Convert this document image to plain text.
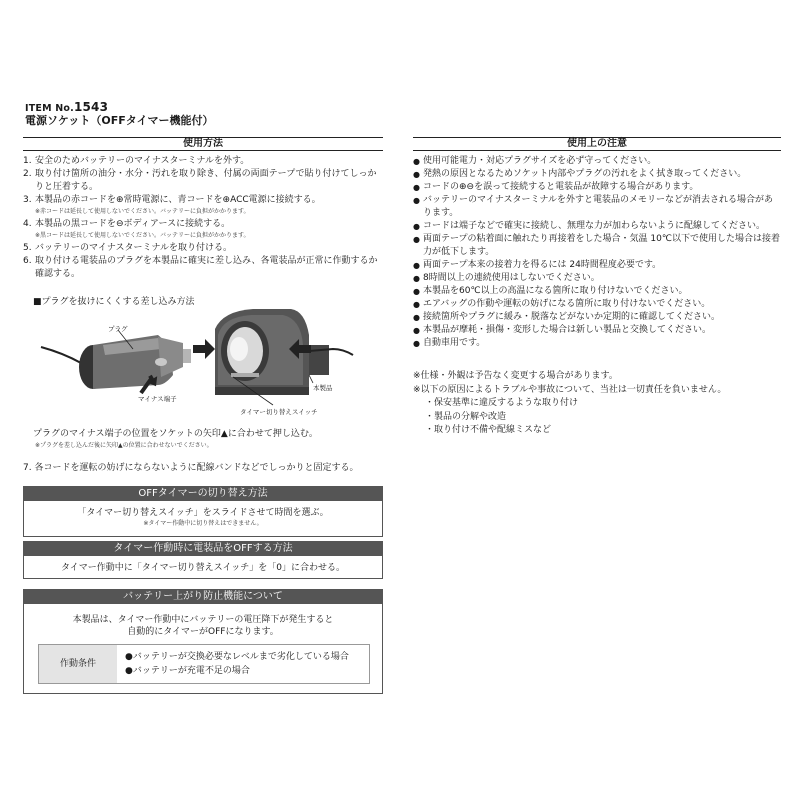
ITEM No.1543
電源ソケット（OFFタイマー機能付）
使用方法
1. 安全のためバッテリーのマイナスターミナルを外す。
2. 取り付け箇所の油分・水分・汚れを取り除き、付属の両面テープで貼り付けてしっかりと圧着する。
3. 本製品の赤コードを⊕常時電源に、青コードを⊕ACC電源に接続する。
※赤コードは延長して使用しないでください。バッテリーに負担がかかります。
4. 本製品の黒コードを⊖ボディアースに接続する。
※黒コードは延長して使用しないでください。バッテリーに負担がかかります。
5. バッテリーのマイナスターミナルを取り付ける。
6. 取り付ける電装品のプラグを本製品に確実に差し込み、各電装品が正常に作動するか確認する。
■プラグを抜けにくくする差し込み方法
プラグ
マイナス端子
タイマー切り替えスイッチ
本製品
プラグのマイナス端子の位置をソケットの矢印▲に合わせて押し込む。
※プラグを差し込んだ後に矢印▲の位置に合わせないでください。
7. 各コードを運転の妨げにならないように配線バンドなどでしっかりと固定する。
OFFタイマーの切り替え方法
「タイマー切り替えスイッチ」をスライドさせて時間を選ぶ。
※タイマー作動中に切り替えはできません。
タイマー作動時に電装品をOFFする方法
タイマー作動中に「タイマー切り替えスイッチ」を「0」に合わせる。
バッテリー上がり防止機能について
本製品は、タイマー作動中にバッテリーの電圧降下が発生すると
自動的にタイマーがOFFになります。
作動条件
●バッテリーが交換必要なレベルまで劣化している場合
●バッテリーが充電不足の場合
使用上の注意
● 使用可能電力・対応プラグサイズを必ず守ってください。
● 発熱の原因となるためソケット内部やプラグの汚れをよく拭き取ってください。
● コードの⊕⊖を誤って接続すると電装品が故障する場合があります。
● バッテリーのマイナスターミナルを外すと電装品のメモリーなどが消去される場合があります。
● コードは端子などで確実に接続し、無理な力が加わらないように配線してください。
● 両面テープの粘着面に触れたり再接着をした場合・気温 10℃以下で使用した場合は接着力が低下します。
● 両面テープ本来の接着力を得るには 24時間程度必要です。
● 8時間以上の連続使用はしないでください。
● 本製品を60℃以上の高温になる箇所に取り付けないでください。
● エアバッグの作動や運転の妨げになる箇所に取り付けないでください。
● 接続箇所やプラグに緩み・脱落などがないか定期的に確認してください。
● 本製品が摩耗・損傷・変形した場合は新しい製品と交換してください。
● 自動車用です。
※仕様・外観は予告なく変更する場合があります。
※以下の原因によるトラブルや事故について、当社は一切責任を負いません。
・保安基準に違反するような取り付け
・製品の分解や改造
・取り付け不備や配線ミスなど
